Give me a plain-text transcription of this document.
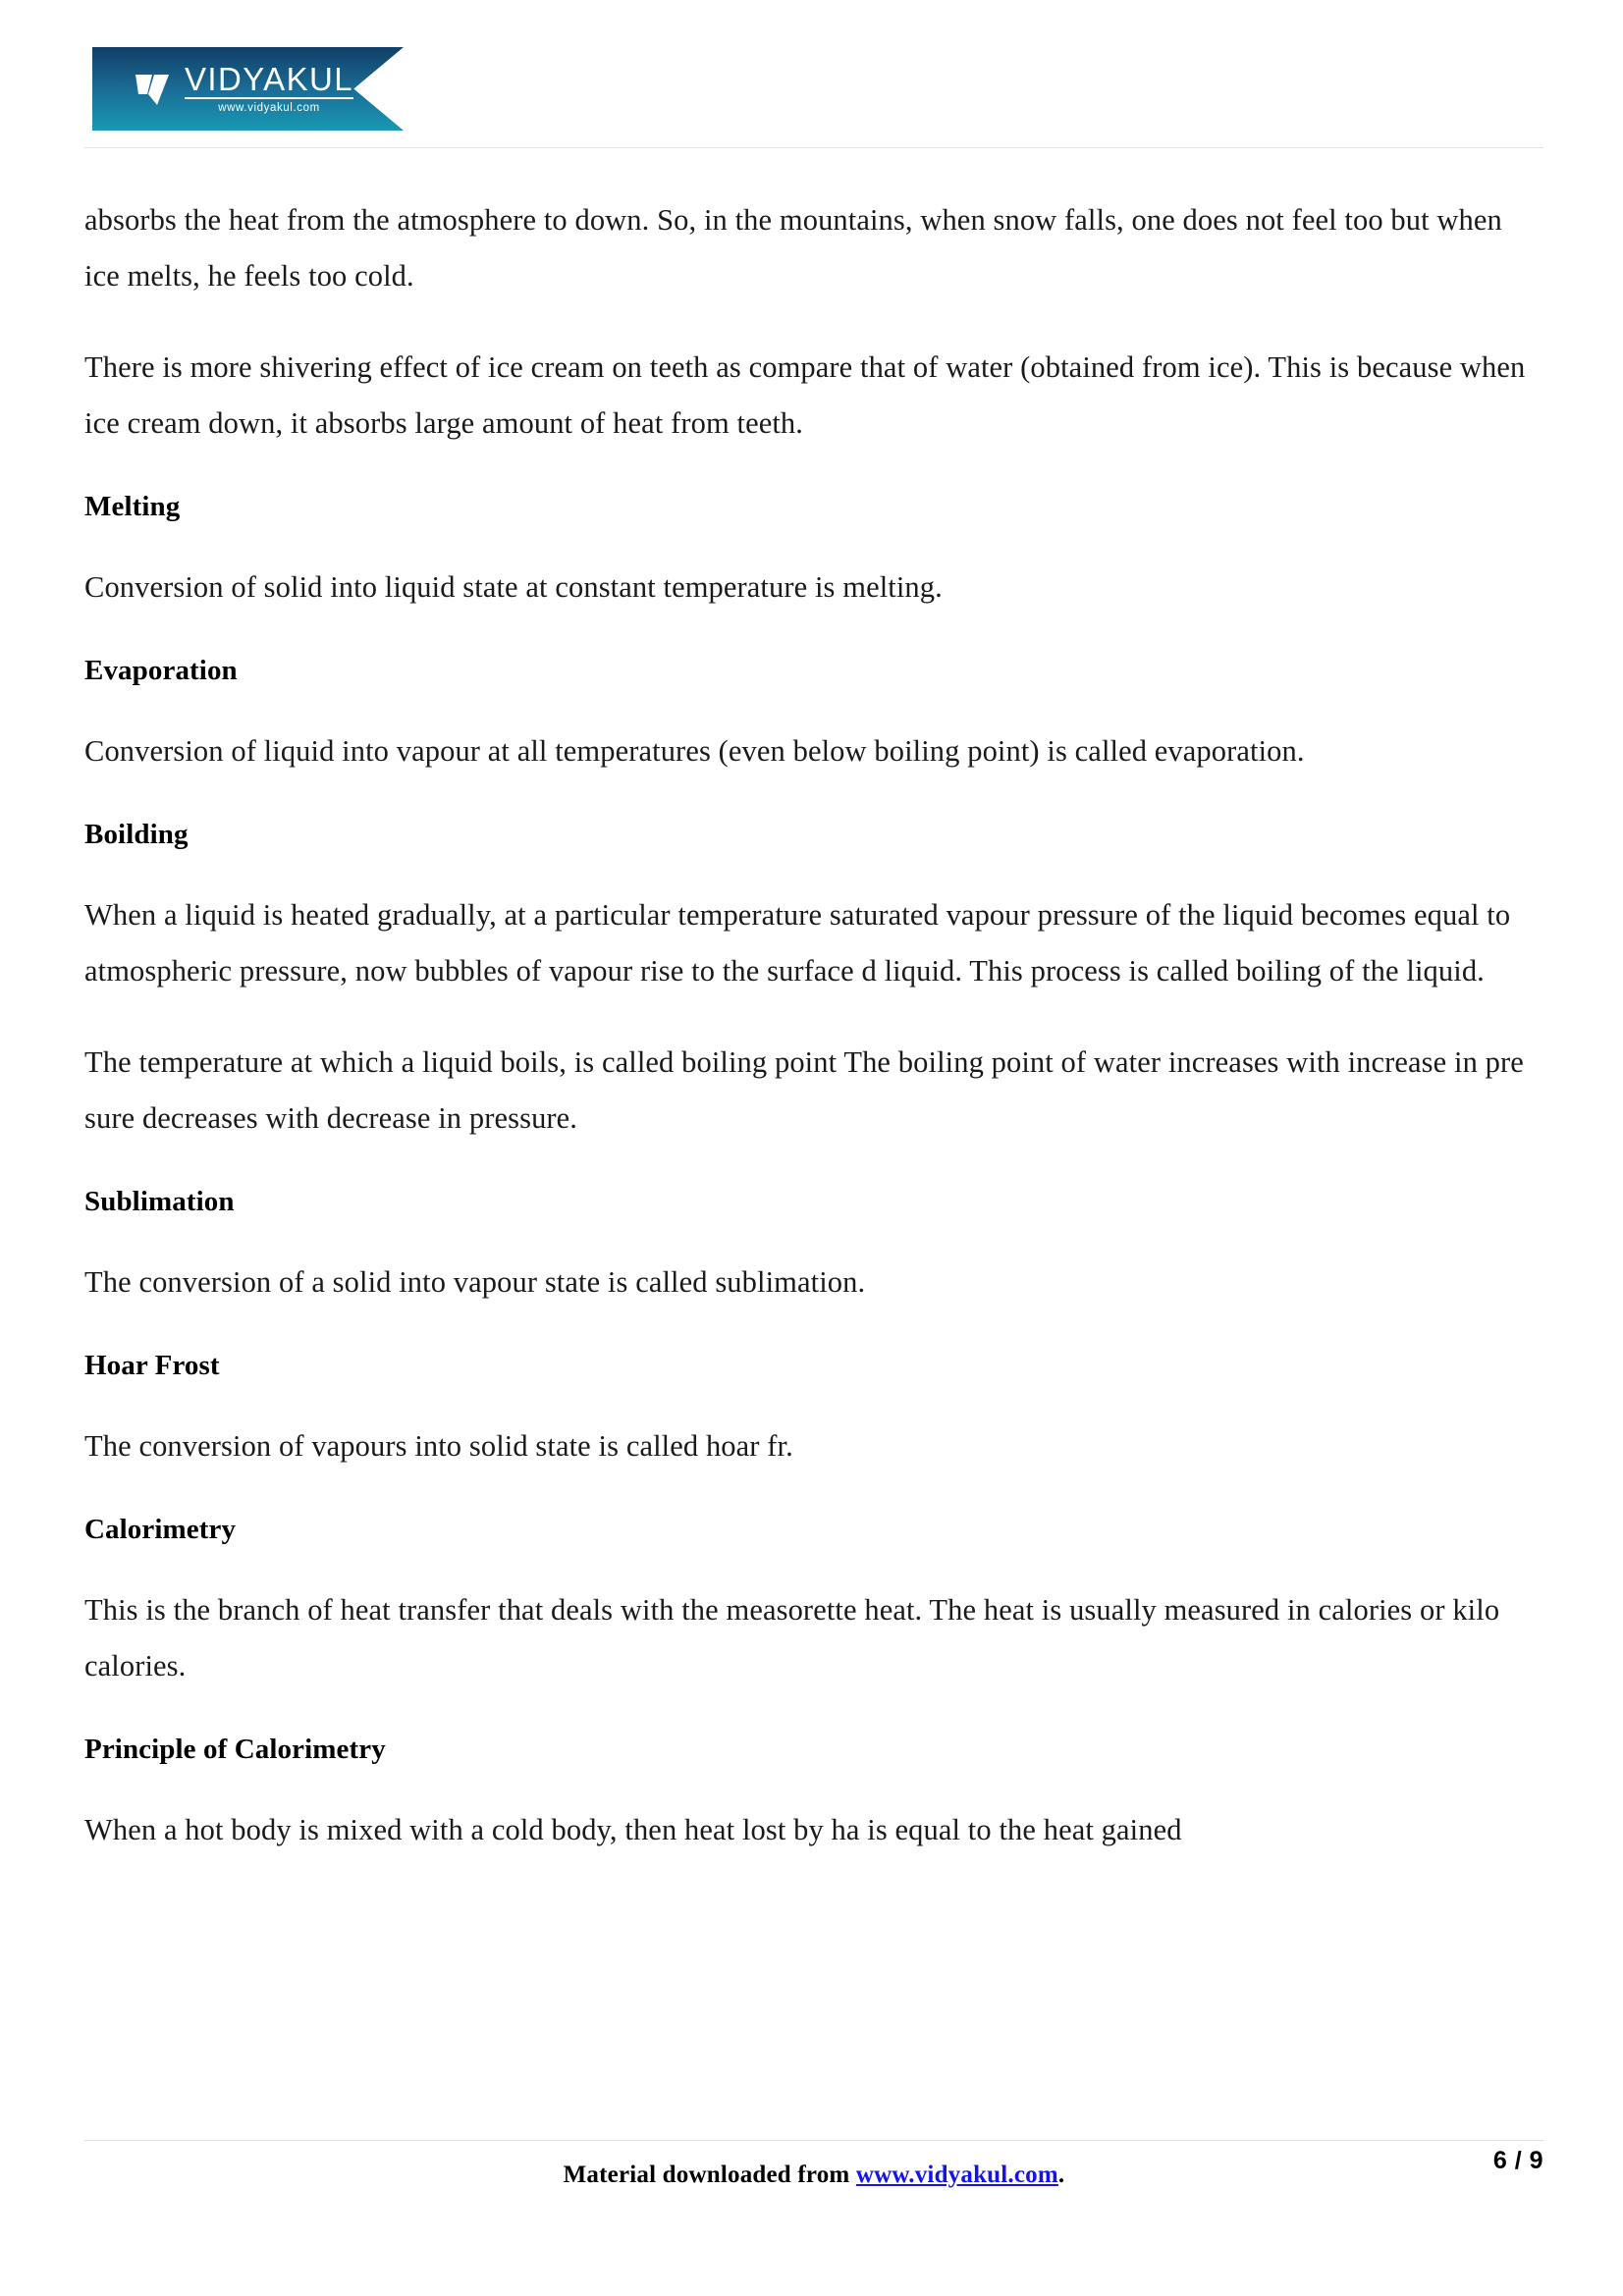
VIDYAKUL
www.vidyakul.com

absorbs the heat from the atmosphere to down. So, in the mountains, when snow falls, one does not feel too but when ice melts, he feels too cold.

There is more shivering effect of ice cream on teeth as compare that of water (obtained from ice). This is because when ice cream down, it absorbs large amount of heat from teeth.

Melting

Conversion of solid into liquid state at constant temperature is melting.

Evaporation

Conversion of liquid into vapour at all temperatures (even below boiling point) is called evaporation.

Boilding

When a liquid is heated gradually, at a particular temperature saturated vapour pressure of the liquid becomes equal to atmospheric pressure, now bubbles of vapour rise to the surface d liquid. This process is called boiling of the liquid.

The temperature at which a liquid boils, is called boiling point The boiling point of water increases with increase in pre sure decreases with decrease in pressure.

Sublimation

The conversion of a solid into vapour state is called sublimation.

Hoar Frost

The conversion of vapours into solid state is called hoar fr.

Calorimetry

This is the branch of heat transfer that deals with the measorette heat. The heat is usually measured in calories or kilo calories.

Principle of Calorimetry

When a hot body is mixed with a cold body, then heat lost by ha is equal to the heat gained

Material downloaded from www.vidyakul.com.
6 / 9
